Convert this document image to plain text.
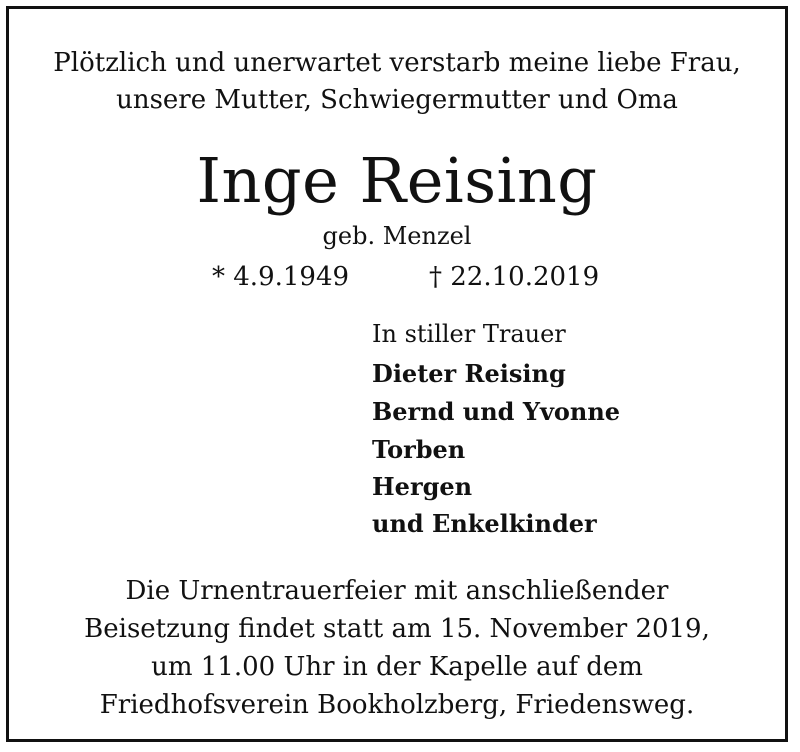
Plötzlich und unerwartet verstarb meine liebe Frau,
unsere Mutter, Schwiegermutter und Oma
Inge Reising
geb. Menzel
* 4.9.1949	† 22.10.2019
In stiller Trauer
Dieter Reising
Bernd und Yvonne
Torben
Hergen
und Enkelkinder
Die Urnentrauerfeier mit anschließender
Beisetzung findet statt am 15. November 2019,
um 11.00 Uhr in der Kapelle auf dem
Friedhofsverein Bookholzberg, Friedensweg.
